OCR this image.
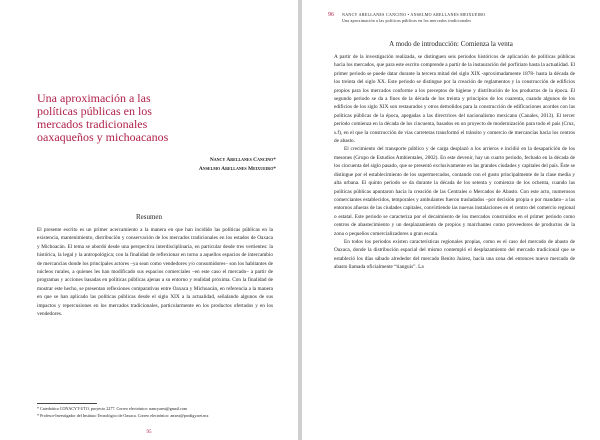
Una aproximación a las
políticas públicas en los
mercados tradicionales
oaxaqueños y michoacanos
Nancy Arellanes Cancino*
Anselmo Arellanes Meixueiro*
Resumen
El presente escrito es un primer acercamiento a la manera en que han incidido las políticas públicas en la existencia, mantenimiento, distribución y conservación de los mercados tradicionales en los estados de Oaxaca y Michoacán. El tema se abordó desde una perspectiva interdisciplinaria, en particular desde tres vertientes: la histórica, la legal y la antropológica; con la finalidad de reflexionar en torno a aquellos espacios de intercambio de mercancías donde los principales actores –ya sean como vendedores y/o consumidores– son los habitantes de núcleos rurales, a quienes les han modificado sus espacios comerciales –en este caso el mercado– a partir de programas y acciones basadas en políticas públicas ajenas a su entorno y realidad próxima. Con la finalidad de mostrar este hecho, se presentan reflexiones comparativas entre Oaxaca y Michoacán, en referencia a la manera en que se han aplicado las políticas públicas desde el siglo XIX a la actualidad, señalando algunos de sus impactos y repercusiones en los mercados tradicionales, particularmente en los productos ofertados y en los vendedores.
* Catedrática CONACYT-UTO, proyecto 2277. Correo electrónico: nancyarea@gmail.com
* Profesor-Investigador del Instituto Tecnológico de Oaxaca. Correo electrónico: anxea@prodigy.net.mx
95
96 NANCY ARELLANES CANCINO • ANSELMO ARELLANES MEIXUEIRO
Una aproximación a las políticas públicas en los mercados tradicionales
A modo de introducción: Comienza la venta

A partir de la investigación realizada, se distinguen seis periodos históricos de aplicación de políticas públicas hacia los mercados, que para este escrito comprende a partir de la instauración del porfiriato hasta la actualidad. El primer periodo se puede datar durante la tercera mitad del siglo XIX -aproximadamente 1878- hasta la década de los treinta del siglo XX. Este periodo se distingue por la creación de reglamentos y la construcción de edificios propios para los mercados conforme a los preceptos de higiene y distribución de los productos de la época. El segundo periodo se da a fines de la década de los treinta y principios de los cuarenta, cuando algunos de los edificios de los siglo XIX son restaurados y otros demolidos para la construcción de edificaciones acordes con las políticas públicas de la época, apegadas a las directrices del nacionalismo mexicano (Canales, 2013). El tercer periodo comienza en la década de los cincuenta, basados en un proyecto de modernización para todo el país (Cruz, s.f), en el que la construcción de vías carreteras transformó el tránsito y comercio de mercancías hacia los centros de abasto.

El crecimiento del transporte público y de carga desplazó a los arrieros e incidió en la desaparición de los mesones (Grupo de Estudios Ambientales, 2002). En este devenir, hay un cuarto periodo, fechado en la década de los cincuenta del siglo pasado, que se presentó exclusivamente en las grandes ciudades y capitales del país. Éste se distingue por el establecimiento de los supermercados, contando con el gusto principalmente de la clase media y alta urbana. El quinto periodo se da durante la década de los setenta y comienzo de los ochenta, cuando las políticas públicas apuntaron hacia la creación de las Centrales o Mercados de Abasto. Con este acto, numerosos comerciantes establecidos, temporales y ambulantes fueron trasladados –por decisión propia o por mandato– a las entornos afueras de las ciudades capitales, convirtiendo las nuevas instalaciones en el centro del comercio regional o estatal. Este periodo se caracteriza por el decaimiento de los mercados construidos en el primer periodo como centros de abastecimiento y un desplazamiento de propios y marchantes como proveedores de productos de la zona o pequeños comercializadores a gran escala.

En todos los periodos existen características regionales propias, como es el caso del mercado de abasto de Oaxaca, donde la distribución espacial del mismo contempló el desplazamiento del mercado tradicional que se estableció los días sábado alrededor del mercado Benito Juárez, hacia una zona del entonces nuevo mercado de abasto llamada oficialmente “tianguis”. La
